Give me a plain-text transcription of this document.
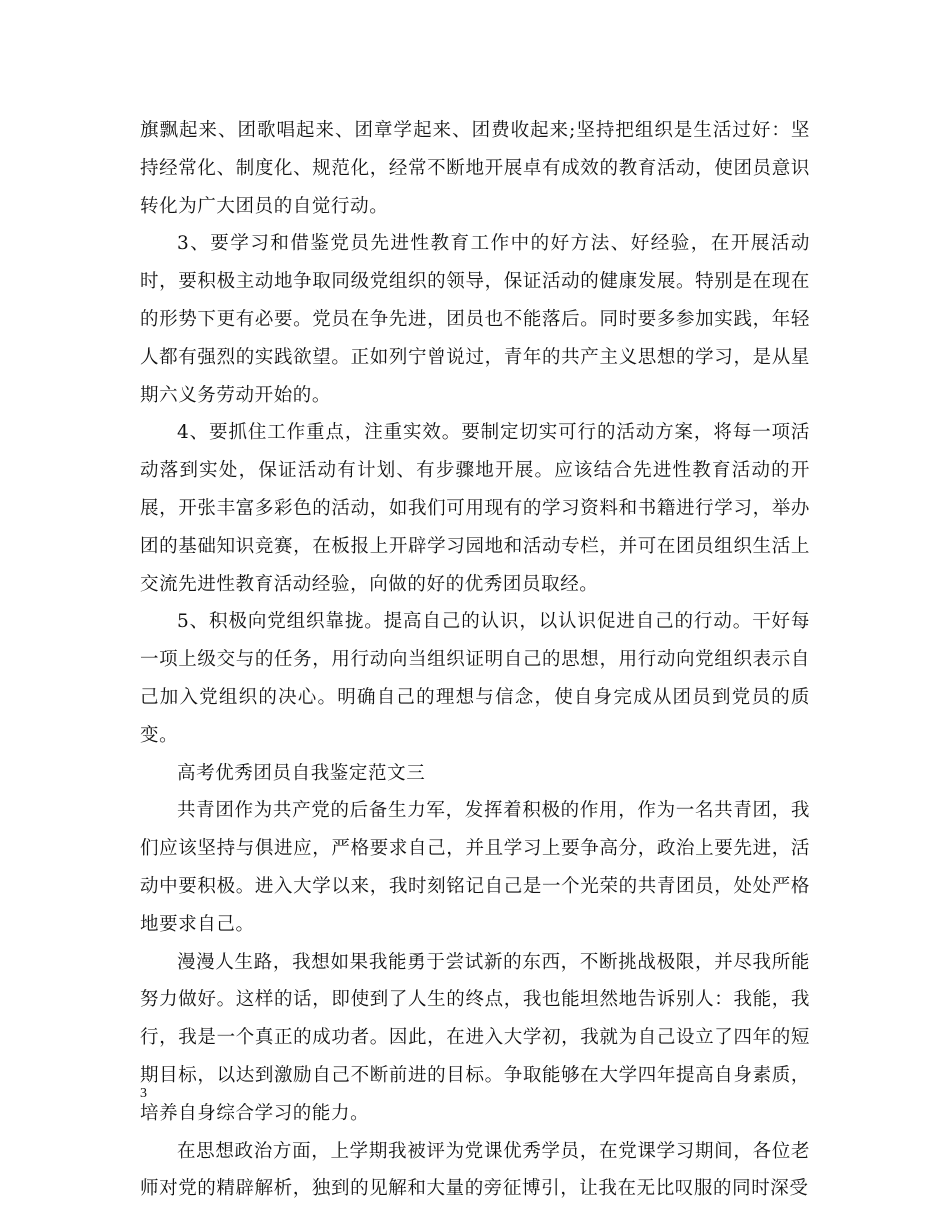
旗飘起来、团歌唱起来、团章学起来、团费收起来;坚持把组织是生活过好：坚持经常化、制度化、规范化，经常不断地开展卓有成效的教育活动，使团员意识转化为广大团员的自觉行动。

3、要学习和借鉴党员先进性教育工作中的好方法、好经验，在开展活动时，要积极主动地争取同级党组织的领导，保证活动的健康发展。特别是在现在的形势下更有必要。党员在争先进，团员也不能落后。同时要多参加实践，年轻人都有强烈的实践欲望。正如列宁曾说过，青年的共产主义思想的学习，是从星期六义务劳动开始的。

4、要抓住工作重点，注重实效。要制定切实可行的活动方案，将每一项活动落到实处，保证活动有计划、有步骤地开展。应该结合先进性教育活动的开展，开张丰富多彩色的活动，如我们可用现有的学习资料和书籍进行学习，举办团的基础知识竞赛，在板报上开辟学习园地和活动专栏，并可在团员组织生活上交流先进性教育活动经验，向做的好的优秀团员取经。

5、积极向党组织靠拢。提高自己的认识，以认识促进自己的行动。干好每一项上级交与的任务，用行动向当组织证明自己的思想，用行动向党组织表示自己加入党组织的决心。明确自己的理想与信念，使自身完成从团员到党员的质变。

高考优秀团员自我鉴定范文三

共青团作为共产党的后备生力军，发挥着积极的作用，作为一名共青团，我们应该坚持与俱进应，严格要求自己，并且学习上要争高分，政治上要先进，活动中要积极。进入大学以来，我时刻铭记自己是一个光荣的共青团员，处处严格地要求自己。

漫漫人生路，我想如果我能勇于尝试新的东西，不断挑战极限，并尽我所能努力做好。这样的话，即使到了人生的终点，我也能坦然地告诉别人：我能，我行，我是一个真正的成功者。因此，在进入大学初，我就为自己设立了四年的短期目标，以达到激励自己不断前进的目标。争取能够在大学四年提高自身素质，培养自身综合学习的能力。

在思想政治方面，上学期我被评为党课优秀学员，在党课学习期间，各位老师对党的精辟解析，独到的见解和大量的旁征博引，让我在无比叹服的同时深受

3
